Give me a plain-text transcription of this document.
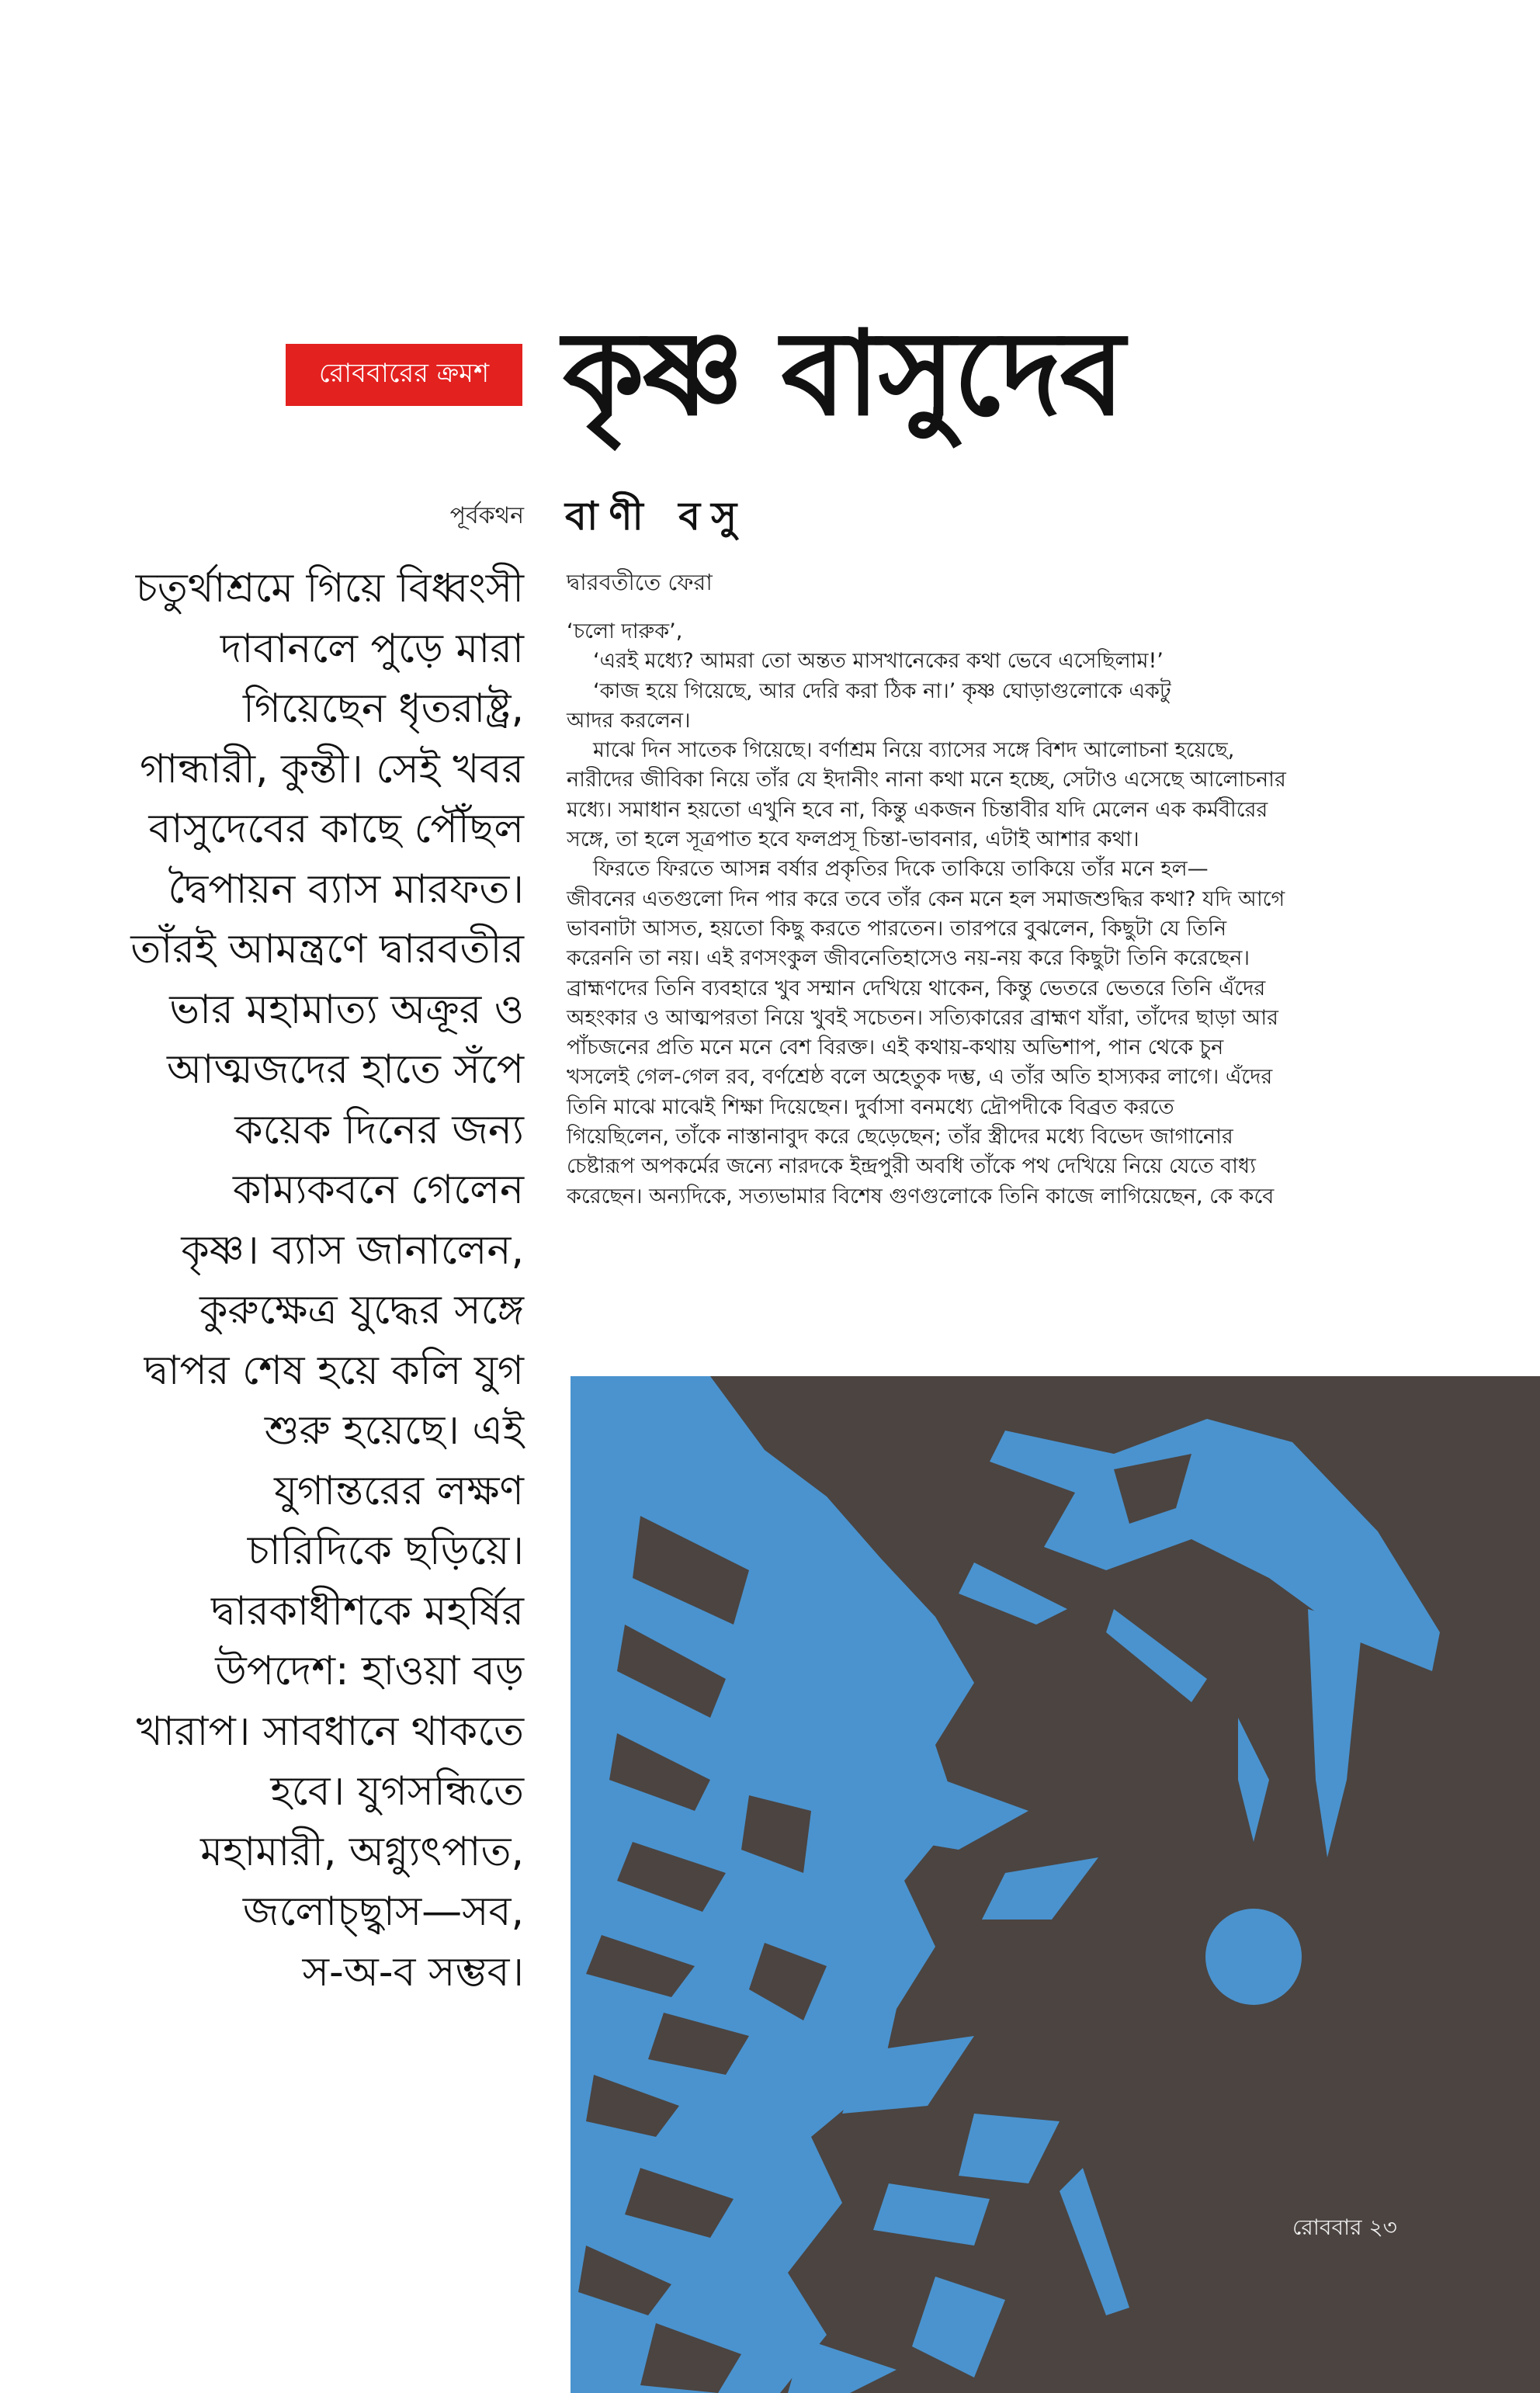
রোববারের ক্রমশ কৃষ্ণ বাসুদেব
পূর্বকথন বাণী বসু
চতুর্থাশ্রমে গিয়ে বিধ্বংসী
দাবানলে পুড়ে মারা
গিয়েছেন ধৃতরাষ্ট্র,
গান্ধারী, কুন্তী। সেই খবর
বাসুদেবের কাছে পৌঁছল
দ্বৈপায়ন ব্যাস মারফত।
তাঁরই আমন্ত্রণে দ্বারবতীর
ভার মহামাত্য অক্রূর ও
আত্মজদের হাতে সঁপে
কয়েক দিনের জন্য
কাম্যকবনে গেলেন
কৃষ্ণ। ব্যাস জানালেন,
কুরুক্ষেত্র যুদ্ধের সঙ্গে
দ্বাপর শেষ হয়ে কলি যুগ
শুরু হয়েছে। এই
যুগান্তরের লক্ষণ
চারিদিকে ছড়িয়ে।
দ্বারকাধীশকে মহর্ষির
উপদেশ: হাওয়া বড়
খারাপ। সাবধানে থাকতে
হবে। যুগসন্ধিতে
মহামারী, অগ্ন্যুৎপাত,
জলোচ্ছ্বাস—সব,
স-অ-ব সম্ভব।
দ্বারবতীতে ফেরা
‘চলো দারুক’,
‘এরই মধ্যে? আমরা তো অন্তত মাসখানেকের কথা ভেবে এসেছিলাম!’
‘কাজ হয়ে গিয়েছে, আর দেরি করা ঠিক না।’ কৃষ্ণ ঘোড়াগুলোকে একটু
আদর করলেন।
মাঝে দিন সাতেক গিয়েছে। বর্ণাশ্রম নিয়ে ব্যাসের সঙ্গে বিশদ আলোচনা হয়েছে,
নারীদের জীবিকা নিয়ে তাঁর যে ইদানীং নানা কথা মনে হচ্ছে, সেটাও এসেছে আলোচনার
মধ্যে। সমাধান হয়তো এখুনি হবে না, কিন্তু একজন চিন্তাবীর যদি মেলেন এক কর্মবীরের
সঙ্গে, তা হলে সূত্রপাত হবে ফলপ্রসূ চিন্তা-ভাবনার, এটাই আশার কথা।
ফিরতে ফিরতে আসন্ন বর্ষার প্রকৃতির দিকে তাকিয়ে তাকিয়ে তাঁর মনে হল—
জীবনের এতগুলো দিন পার করে তবে তাঁর কেন মনে হল সমাজশুদ্ধির কথা? যদি আগে
ভাবনাটা আসত, হয়তো কিছু করতে পারতেন। তারপরে বুঝলেন, কিছুটা যে তিনি
করেননি তা নয়। এই রণসংকুল জীবনেতিহাসেও নয়-নয় করে কিছুটা তিনি করেছেন।
ব্রাহ্মণদের তিনি ব্যবহারে খুব সম্মান দেখিয়ে থাকেন, কিন্তু ভেতরে ভেতরে তিনি এঁদের
অহংকার ও আত্মপরতা নিয়ে খুবই সচেতন। সত্যিকারের ব্রাহ্মণ যাঁরা, তাঁদের ছাড়া আর
পাঁচজনের প্রতি মনে মনে বেশ বিরক্ত। এই কথায়-কথায় অভিশাপ, পান থেকে চুন
খসলেই গেল-গেল রব, বর্ণশ্রেষ্ঠ বলে অহেতুক দম্ভ, এ তাঁর অতি হাস্যকর লাগে। এঁদের
তিনি মাঝে মাঝেই শিক্ষা দিয়েছেন। দুর্বাসা বনমধ্যে দ্রৌপদীকে বিব্রত করতে
গিয়েছিলেন, তাঁকে নাস্তানাবুদ করে ছেড়েছেন; তাঁর স্ত্রীদের মধ্যে বিভেদ জাগানোর
চেষ্টারূপ অপকর্মের জন্যে নারদকে ইন্দ্রপুরী অবধি তাঁকে পথ দেখিয়ে নিয়ে যেতে বাধ্য
করেছেন। অন্যদিকে, সত্যভামার বিশেষ গুণগুলোকে তিনি কাজে লাগিয়েছেন, কে কবে
রোববার ২৩
